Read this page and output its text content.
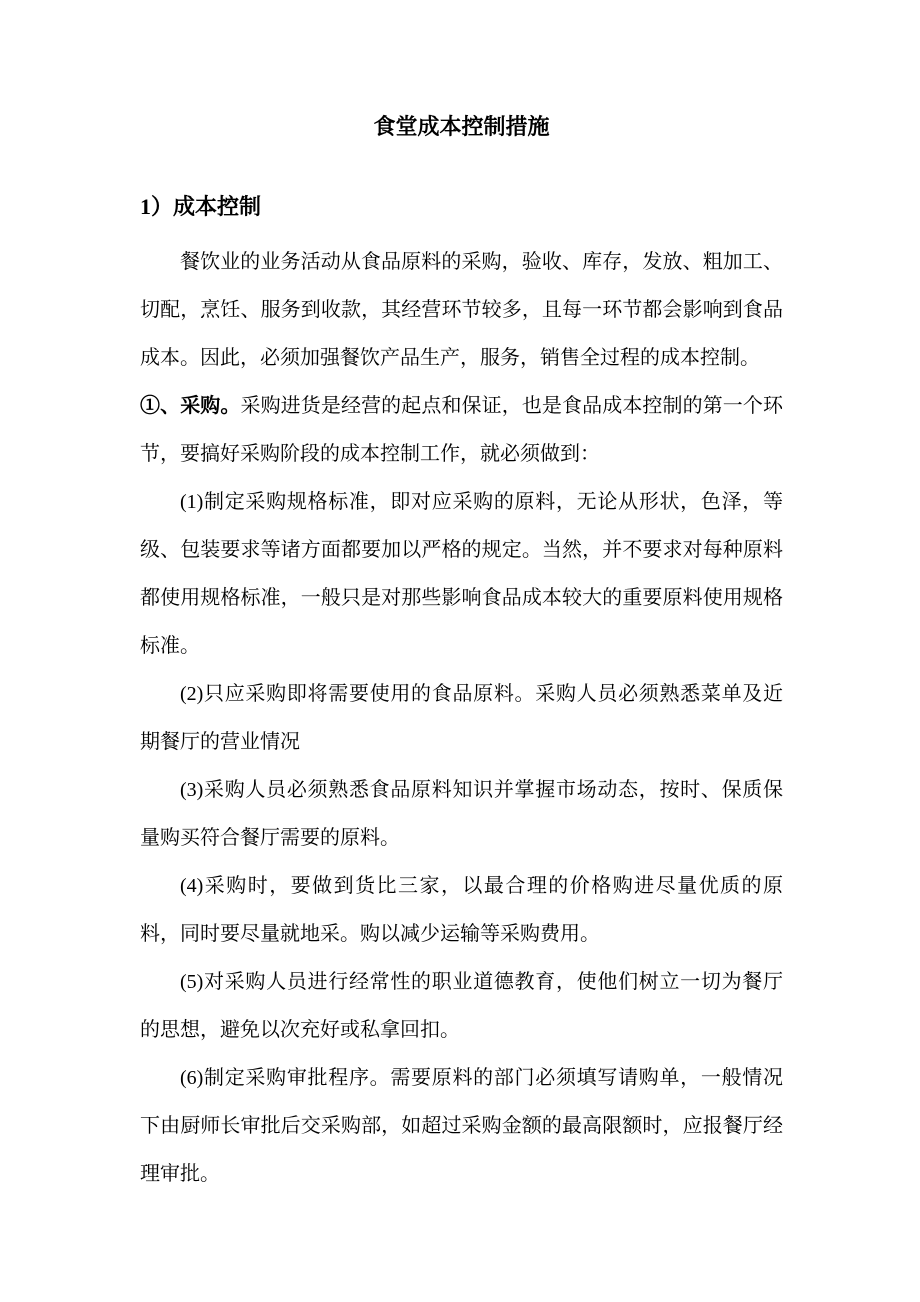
食堂成本控制措施
1）成本控制

餐饮业的业务活动从食品原料的采购，验收、库存，发放、粗加工、切配，烹饪、服务到收款，其经营环节较多，且每一环节都会影响到食品成本。因此，必须加强餐饮产品生产，服务，销售全过程的成本控制。

①、采购。采购进货是经营的起点和保证，也是食品成本控制的第一个环节，要搞好采购阶段的成本控制工作，就必须做到：

(1)制定采购规格标准，即对应采购的原料，无论从形状，色泽，等级、包装要求等诸方面都要加以严格的规定。当然，并不要求对每种原料都使用规格标准，一般只是对那些影响食品成本较大的重要原料使用规格标准。

(2)只应采购即将需要使用的食品原料。采购人员必须熟悉菜单及近期餐厅的营业情况

(3)采购人员必须熟悉食品原料知识并掌握市场动态，按时、保质保量购买符合餐厅需要的原料。

(4)采购时，要做到货比三家，以最合理的价格购进尽量优质的原料，同时要尽量就地采。购以减少运输等采购费用。

(5)对采购人员进行经常性的职业道德教育，使他们树立一切为餐厅的思想，避免以次充好或私拿回扣。

(6)制定采购审批程序。需要原料的部门必须填写请购单，一般情况下由厨师长审批后交采购部，如超过采购金额的最高限额时，应报餐厅经理审批。
